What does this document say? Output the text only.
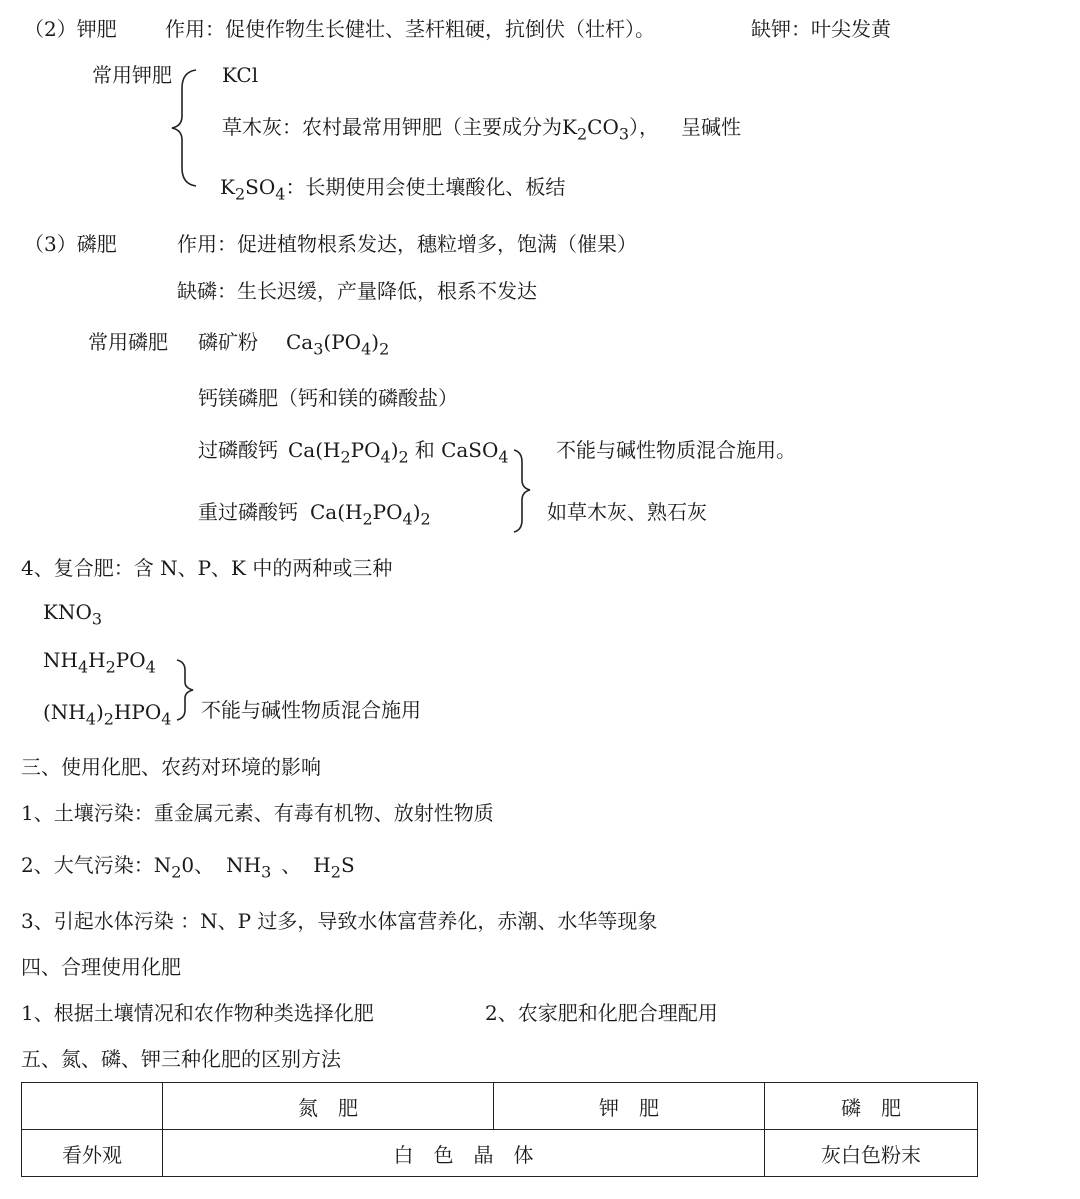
（2）钾肥 作用：促使作物生长健壮、茎杆粗硬，抗倒伏（壮杆）。	缺钾：叶尖发黄
常用钾肥	KCl
草木灰：农村最常用钾肥（主要成分为$K_2CO_3$）， 呈碱性
$K_2SO_4$：长期使用会使土壤酸化、板结
（3）磷肥	作用：促进植物根系发达，穗粒增多，饱满（催果）
缺磷：生长迟缓，产量降低，根系不发达
常用磷肥 磷矿粉 $Ca_3(PO_4)_2$
钙镁磷肥（钙和镁的磷酸盐）
过磷酸钙 $Ca(H_2PO_4)_2$ 和 CaSO$_4$
重过磷酸钙 $Ca(H_2PO_4)_2$
不能与碱性物质混合施用。
如草木灰、熟石灰
4、复合肥：含 N、P、K 中的两种或三种
$KNO_3$
$NH_4H_2PO_4$
$(NH_4)_2HPO_4$ 不能与碱性物质混合施用
三、使用化肥、农药对环境的影响
1、土壤污染：重金属元素、有毒有机物、放射性物质
2、大气污染：$N_20$、 $NH_3$ 、 $H_2S$
3、引起水体污染 ：N、P 过多，导致水体富营养化，赤潮、水华等现象
四、合理使用化肥
1、根据土壤情况和农作物种类选择化肥	2、农家肥和化肥合理配用
五、氮、磷、钾三种化肥的区别方法
	氮　肥	钾　肥	磷　肥
看外观	白　色　晶　体		灰白色粉末
